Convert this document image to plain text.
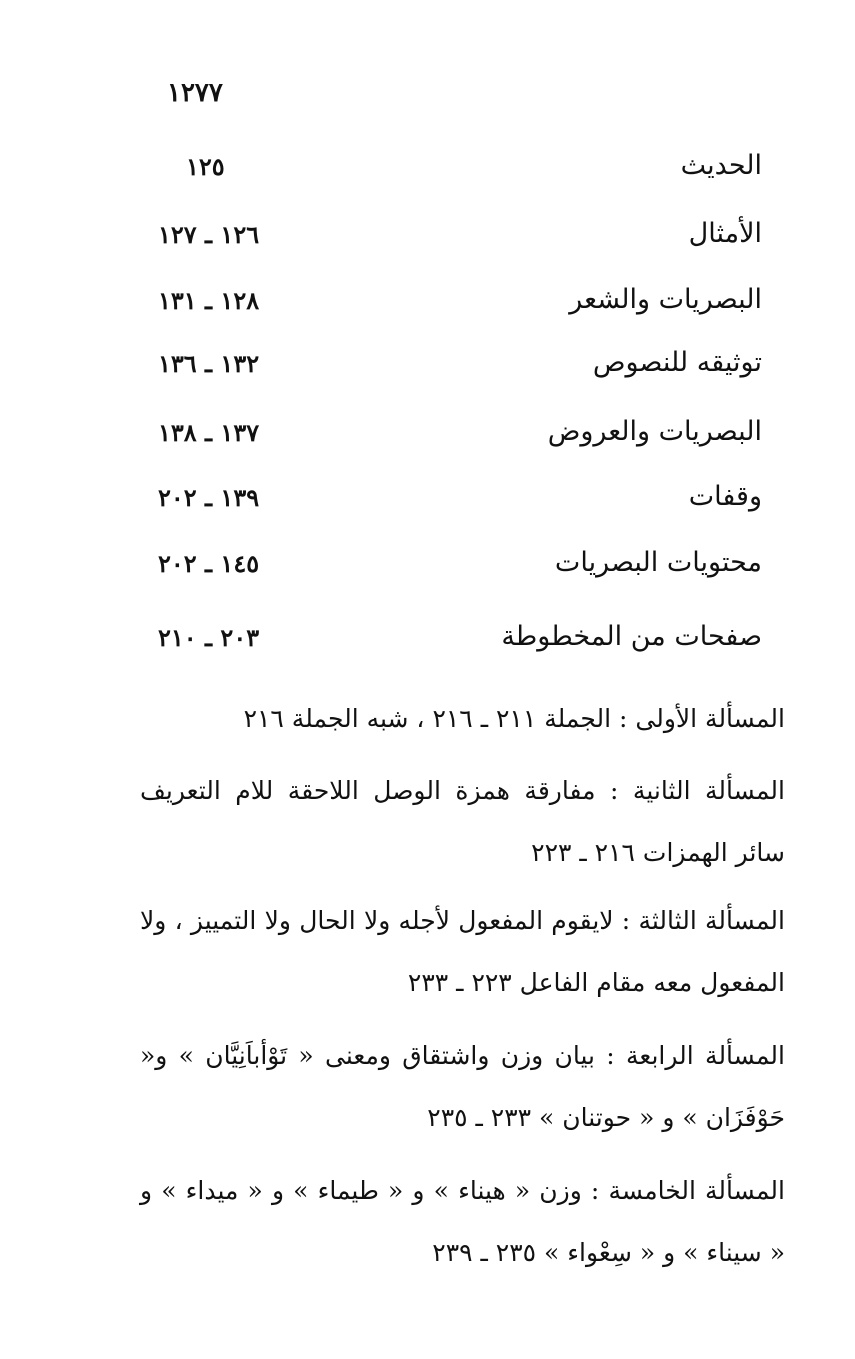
١٢٧٧
الحديث
١٢٥
الأمثال
١٢٦ ـ ١٢٧
البصريات والشعر
١٢٨ ـ ١٣١
توثيقه للنصوص
١٣٢ ـ ١٣٦
البصريات والعروض
١٣٧ ـ ١٣٨
وقفات
١٣٩ ـ ٢٠٢
محتويات البصريات
١٤٥ ـ ٢٠٢
صفحات من المخطوطة
٢٠٣ ـ ٢١٠

المسألة الأولى : الجملة ٢١١ ـ ٢١٦ ، شبه الجملة ٢١٦

المسألة الثانية : مفارقة همزة الوصل اللاحقة للام التعريف سائر الهمزات ٢١٦ ـ ٢٢٣

المسألة الثالثة : لايقوم المفعول لأجله ولا الحال ولا التمييز ، ولا المفعول معه مقام الفاعل ٢٢٣ ـ ٢٣٣

المسألة الرابعة : بيان وزن واشتقاق ومعنى « تَوْأباَنِيَّان » و« حَوْفَزَان » و « حوتنان » ٢٣٣ ـ ٢٣٥

المسألة الخامسة : وزن « هيناء » و « طيماء » و « ميداء » و « سيناء » و « سِعْواء » ٢٣٥ ـ ٢٣٩
